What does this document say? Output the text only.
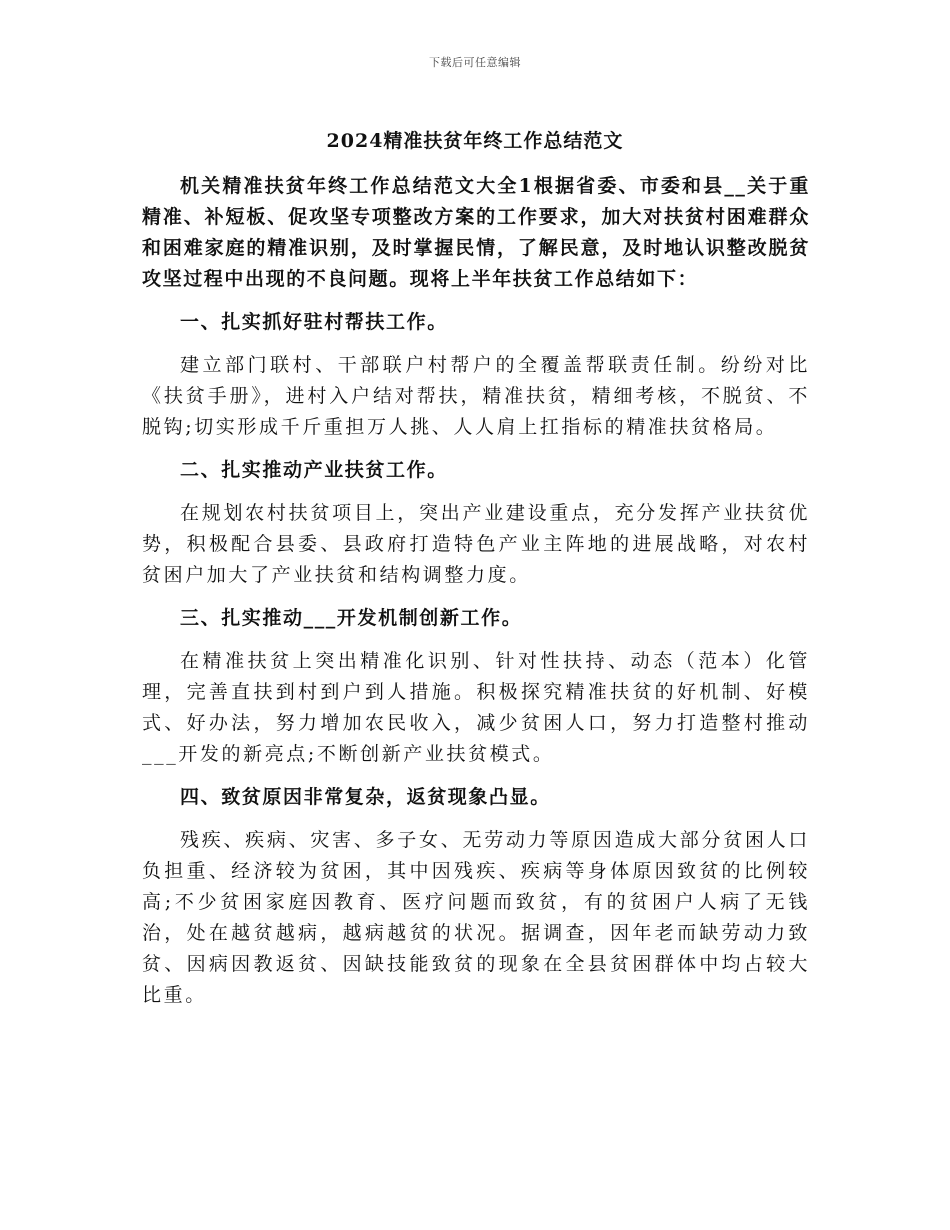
下载后可任意编辑
2024精准扶贫年终工作总结范文

机关精准扶贫年终工作总结范文大全1根据省委、市委和县__关于重精准、补短板、促攻坚专项整改方案的工作要求，加大对扶贫村困难群众和困难家庭的精准识别，及时掌握民情，了解民意，及时地认识整改脱贫攻坚过程中出现的不良问题。现将上半年扶贫工作总结如下：

一、扎实抓好驻村帮扶工作。

建立部门联村、干部联户村帮户的全覆盖帮联责任制。纷纷对比《扶贫手册》，进村入户结对帮扶，精准扶贫，精细考核，不脱贫、不脱钩;切实形成千斤重担万人挑、人人肩上扛指标的精准扶贫格局。

二、扎实推动产业扶贫工作。

在规划农村扶贫项目上，突出产业建设重点，充分发挥产业扶贫优势，积极配合县委、县政府打造特色产业主阵地的进展战略，对农村贫困户加大了产业扶贫和结构调整力度。

三、扎实推动___开发机制创新工作。

在精准扶贫上突出精准化识别、针对性扶持、动态（范本）化管理，完善直扶到村到户到人措施。积极探究精准扶贫的好机制、好模式、好办法，努力增加农民收入，减少贫困人口，努力打造整村推动___开发的新亮点;不断创新产业扶贫模式。

四、致贫原因非常复杂，返贫现象凸显。

残疾、疾病、灾害、多子女、无劳动力等原因造成大部分贫困人口负担重、经济较为贫困，其中因残疾、疾病等身体原因致贫的比例较高;不少贫困家庭因教育、医疗问题而致贫，有的贫困户人病了无钱治，处在越贫越病，越病越贫的状况。据调查，因年老而缺劳动力致贫、因病因教返贫、因缺技能致贫的现象在全县贫困群体中均占较大比重。
